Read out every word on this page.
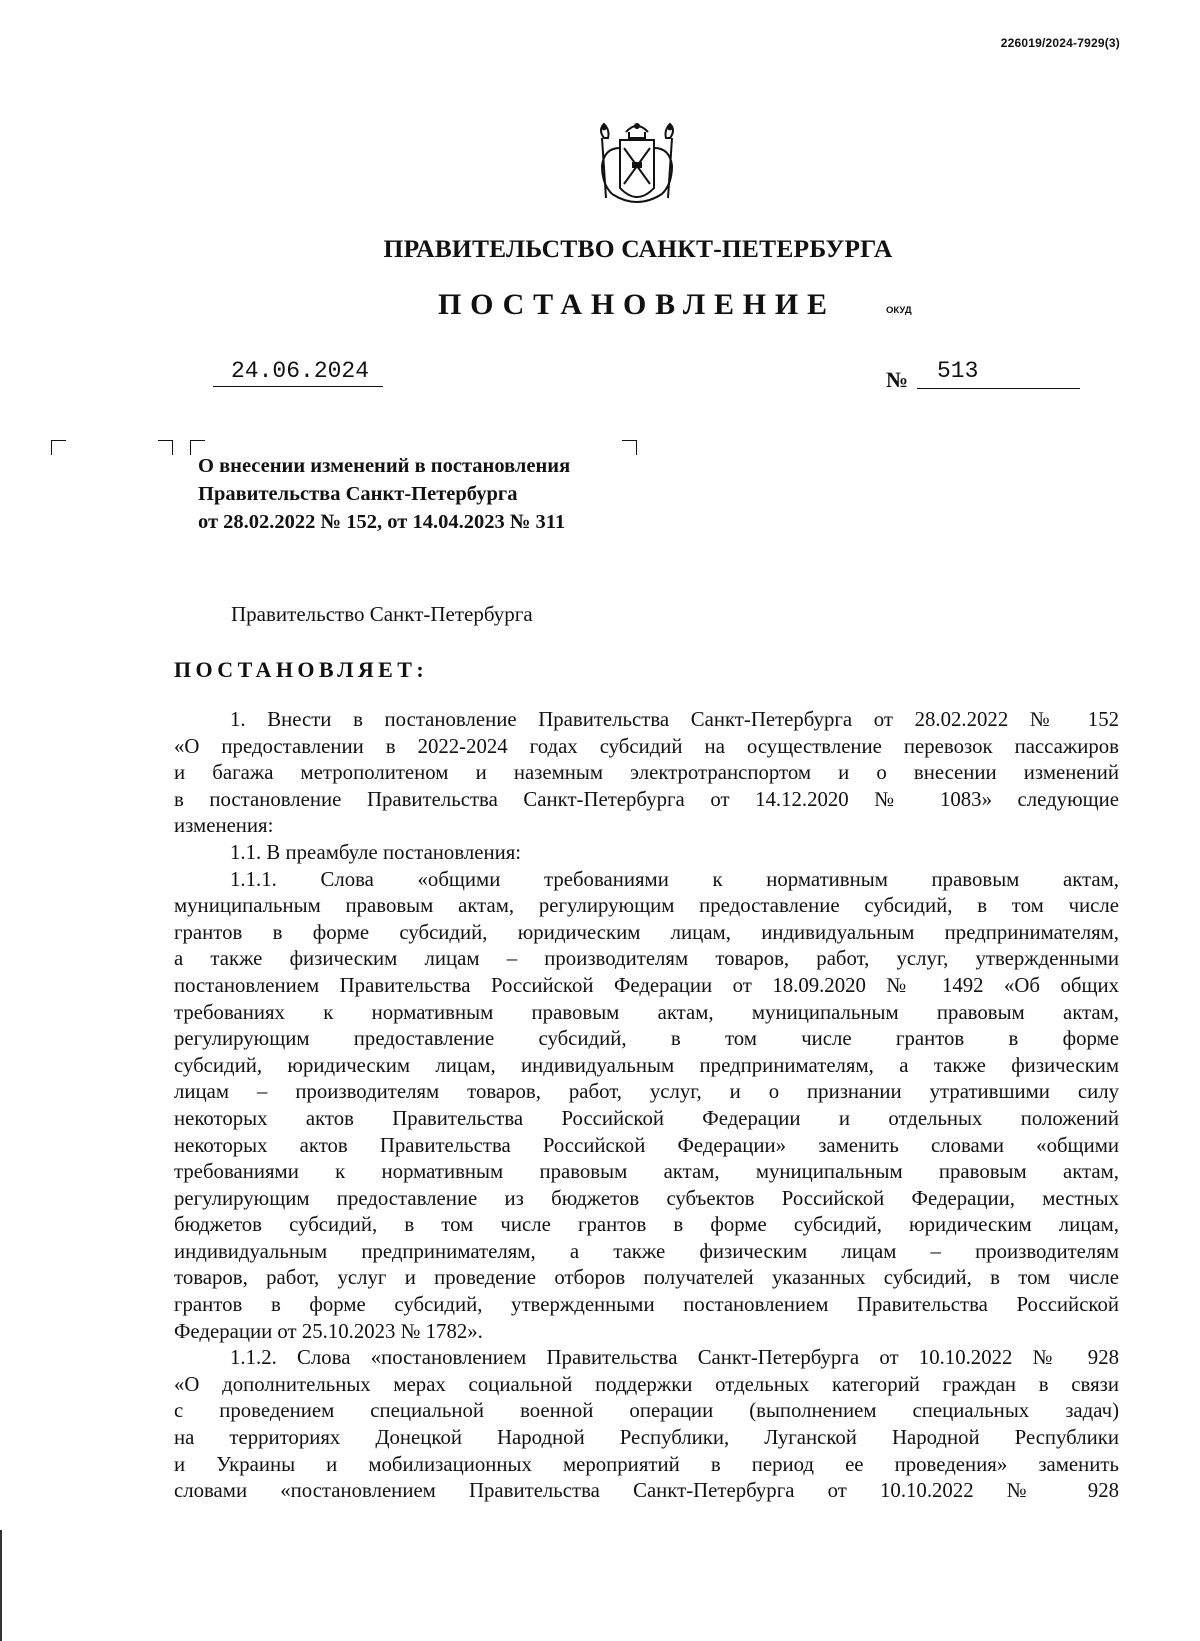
226019/2024-7929(3)
ПРАВИТЕЛЬСТВО САНКТ-ПЕТЕРБУРГА
ПОСТАНОВЛЕНИЕ	ОКУД
24.06.2024	№ 513
О внесении изменений в постановления
Правительства Санкт-Петербурга
от 28.02.2022 № 152, от 14.04.2023 № 311
Правительство Санкт-Петербурга
ПОСТАНОВЛЯЕТ:
1. Внести в постановление Правительства Санкт-Петербурга от 28.02.2022 № 152
«О предоставлении в 2022-2024 годах субсидий на осуществление перевозок пассажиров
и багажа метрополитеном и наземным электротранспортом и о внесении изменений
в постановление Правительства Санкт-Петербурга от 14.12.2020 № 1083» следующие
изменения:
1.1. В преамбуле постановления:
1.1.1. Слова «общими требованиями к нормативным правовым актам,
муниципальным правовым актам, регулирующим предоставление субсидий, в том числе
грантов в форме субсидий, юридическим лицам, индивидуальным предпринимателям,
а также физическим лицам – производителям товаров, работ, услуг, утвержденными
постановлением Правительства Российской Федерации от 18.09.2020 № 1492 «Об общих
требованиях к нормативным правовым актам, муниципальным правовым актам,
регулирующим предоставление субсидий, в том числе грантов в форме
субсидий, юридическим лицам, индивидуальным предпринимателям, а также физическим
лицам – производителям товаров, работ, услуг, и о признании утратившими силу
некоторых актов Правительства Российской Федерации и отдельных положений
некоторых актов Правительства Российской Федерации» заменить словами «общими
требованиями к нормативным правовым актам, муниципальным правовым актам,
регулирующим предоставление из бюджетов субъектов Российской Федерации, местных
бюджетов субсидий, в том числе грантов в форме субсидий, юридическим лицам,
индивидуальным предпринимателям, а также физическим лицам – производителям
товаров, работ, услуг и проведение отборов получателей указанных субсидий, в том числе
грантов в форме субсидий, утвержденными постановлением Правительства Российской
Федерации от 25.10.2023 № 1782».
1.1.2. Слова «постановлением Правительства Санкт-Петербурга от 10.10.2022 № 928
«О дополнительных мерах социальной поддержки отдельных категорий граждан в связи
с проведением специальной военной операции (выполнением специальных задач)
на территориях Донецкой Народной Республики, Луганской Народной Республики
и Украины и мобилизационных мероприятий в период ее проведения» заменить
словами «постановлением Правительства Санкт-Петербурга от 10.10.2022 № 928
